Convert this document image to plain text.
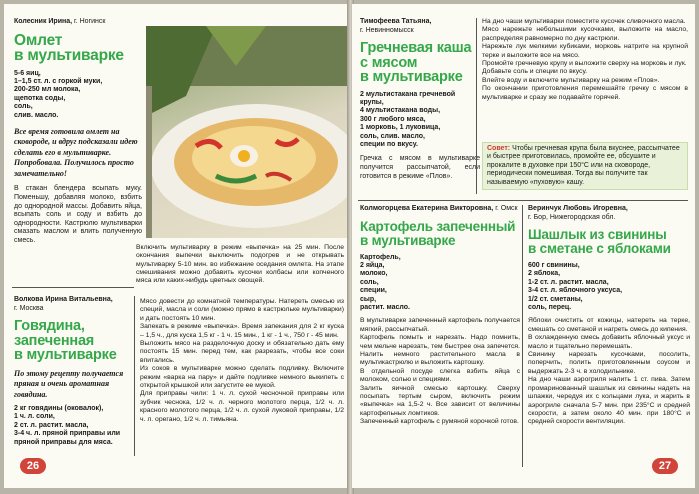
Колесник Ирина, г. Ногинск
Омлет
в мультиварке
5-6 яиц,
1–1,5 ст. л. с горкой муки,
200-250 мл молока,
щепотка соды,
соль,
слив. масло.
Все время готовила омлет на сковороде, и вдруг подсказали идею сделать его в мультиварке. Попробовала. Получилось просто замечательно!

В стакан блендера всыпать муку. Поменьшу, добавляя молоко, взбить до однородной массы. Добавить яйца, всыпать соль и соду и взбить до однородности. Кастрюлю мультиварки смазать маслом и влить полученную смесь.

Включить мультиварку в режим «выпечка» на 25 мин. После окончания выпечки выключить подогрев и не открывать мультиварку 5-10 мин. во избежание оседания омлета. На этапе смешивания можно добавить кусочки колбасы или копченого мяса или каких-нибудь цветных овощей.

Волкова Ирина Витальевна,
г. Москва
Говядина,
запеченная
в мультиварке
По этому рецепту получается пряная и очень ароматная говядина.
2 кг говядины (оковалок),
1 ч. л. соли,
2 ст. л. растит. масла,
3-4 ч. л. пряной приправы или
пряной приправы для мяса.

Мясо довести до комнатной температуры. Натереть смесью из специй, масла и соли (можно прямо в кастрюльке мультиварки) и дать постоять 10 мин.

Запекать в режиме «выпечка». Время запекания для 2 кг куска – 1,5 ч., для куска 1,5 кг - 1 ч. 15 мин., 1 кг - 1 ч., 750 г - 45 мин.

Выложить мясо на разделочную доску и обязательно дать ему постоять 15 мин. перед тем, как разрезать, чтобы все соки впитались.

Из соков в мультиварке можно сделать подливку. Включите режим «варка на пару» и дайте подливке немного выкипеть с открытой крышкой или загустите ее мукой.

Для приправы чили: 1 ч. л. сухой чесночной приправы или зубчик чеснока, 1/2 ч. л. черного молотого перца, 1/2 ч. л. красного молотого перца, 1/2 ч. л. сухой луковой приправы, 1/2 ч. л. орегано, 1/2 ч. л. тимьяна.

26
Тимофеева Татьяна,
г. Невинномысск
Гречневая каша
с мясом
в мультиварке
2 мультистакана гречневой
крупы,
4 мультистакана воды,
300 г любого мяса,
1 морковь, 1 луковица,
соль, слив. масло,
специи по вкусу.

Гречка с мясом в мультиварке получится рассыпчатой, если готовится в режиме «Плов».

На дно чаши мультиварки поместите кусочек сливочного масла.

Мясо нарежьте небольшими кусочками, выложите на масло, распределяя равномерно по дну кастрюли.

Нарежьте лук мелкими кубиками, морковь натрите на крупной терке и выложите все на мясо.

Промойте гречневую крупу и выложите сверху на морковь и лук.

Добавьте соль и специи по вкусу.

Влейте воду и включите мультиварку на режим «Плов».

По окончании приготовления перемешайте гречку с мясом в мультиварке и сразу же подавайте горячей.

Совет: Чтобы гречневая крупа была вкуснее, рассыпчатее и быстрее приготовилась, промойте ее, обсушите и прокалите в духовке при 150°С или на сковороде, периодически помешивая. Тогда вы получите так называемую «пуховую» кашу.
Колмогорцева Екатерина Викторовна, г. Омск
Картофель запеченный
в мультиварке
Картофель,
2 яйца,
молоко,
соль,
специи,
сыр,
растит. масло.

В мультиварке запеченный картофель получается мягкий, рассыпчатый.

Картофель помыть и нарезать. Надо помнить, чем мельче нарезать, тем быстрее она запечется. Налить немного растительного масла в мультикастрюлю и выложить картошку.

В отдельной посуде слегка взбить яйца с молоком, солью и специями.

Залить яичной смесью картошку. Сверху посыпать тертым сыром, включить режим «выпечка» на 1,5-2 ч. Все зависит от величины картофельных ломтиков.

Запеченный картофель с румяной корочкой готов.

Веринчук Любовь Игоревна,
г. Бор, Нижегородская обл.
Шашлык из свинины
в сметане с яблоками
600 г свинины,
2 яблока,
1-2 ст. л. растит. масла,
3-4 ст. л. яблочного уксуса,
1/2 ст. сметаны,
соль, перец.

Яблоки очистить от кожицы, натереть на терке, смешать со сметаной и нагреть смесь до кипения.

В охлажденную смесь добавить яблочный уксус и масло и тщательно перемешать.

Свинину нарезать кусочками, посолить, поперчить, полить приготовленным соусом и выдержать 2-3 ч. в холодильнике.

На дно чаши аэрогриля налить 1 ст. пива. Затем промаринованный шашлык из свинины надеть на шпажки, чередуя их с кольцами лука, и жарить в аэрогриле сначала 5-7 мин. при 235°С и средней скорости, а затем около 40 мин. при 180°С и средней скорости вентиляции.

27
